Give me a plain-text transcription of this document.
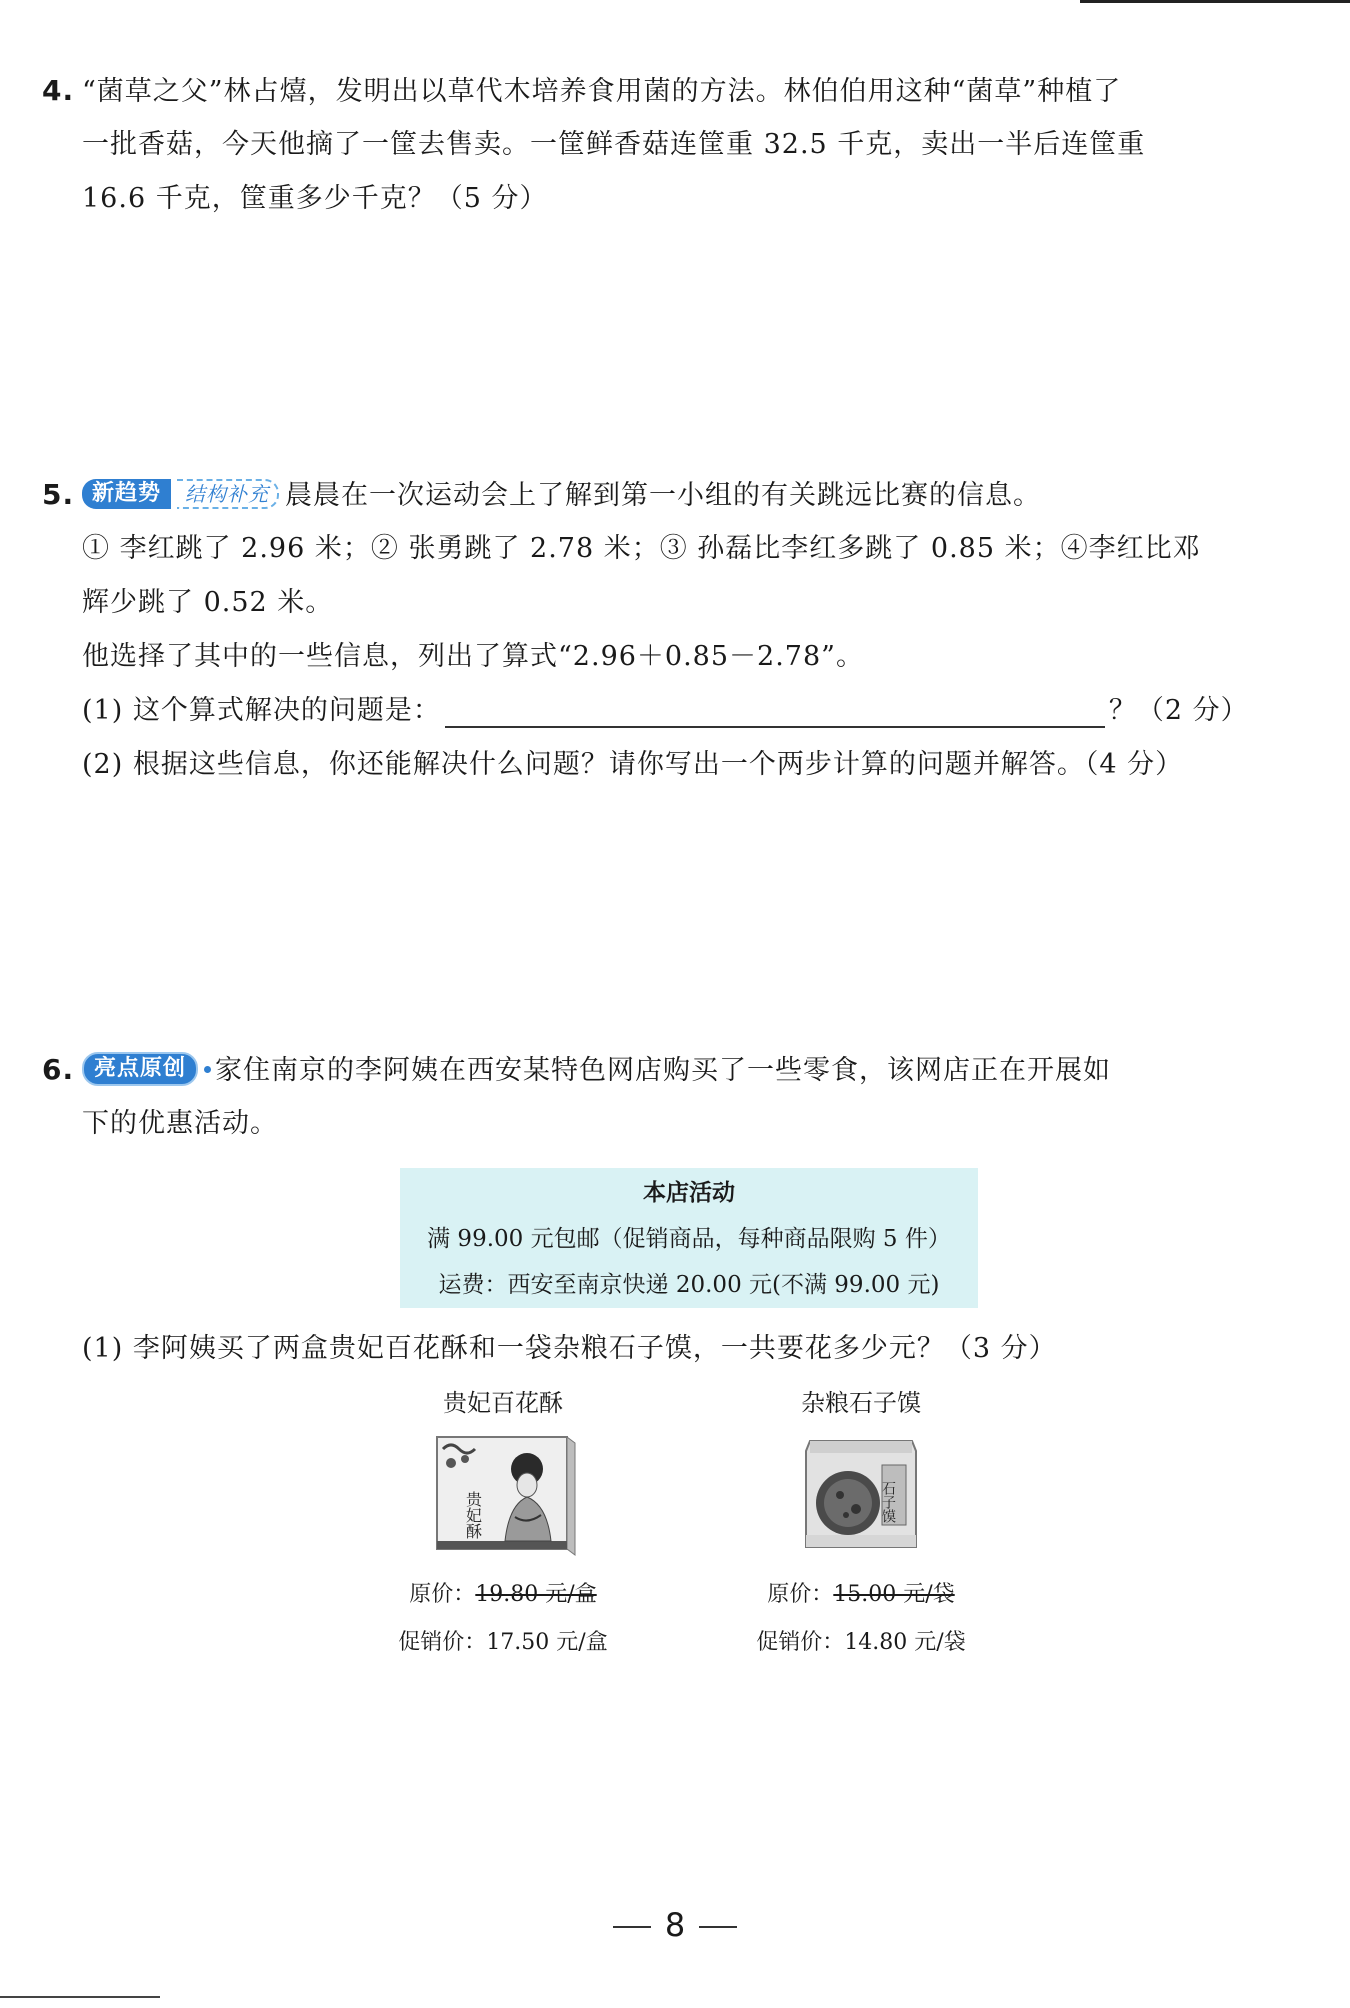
4. “菌草之父”林占熺，发明出以草代木培养食用菌的方法。林伯伯用这种“菌草”种植了
一批香菇，今天他摘了一筐去售卖。一筐鲜香菇连筐重 32.5 千克，卖出一半后连筐重
16.6 千克，筐重多少千克？（5 分）
5. 新趋势 结构补充 晨晨在一次运动会上了解到第一小组的有关跳远比赛的信息。
① 李红跳了 2.96 米；② 张勇跳了 2.78 米；③ 孙磊比李红多跳了 0.85 米；④李红比邓
辉少跳了 0.52 米。
他选择了其中的一些信息，列出了算式“2.96＋0.85－2.78”。
(1) 这个算式解决的问题是：	？（2 分）
(2) 根据这些信息，你还能解决什么问题？请你写出一个两步计算的问题并解答。（4 分）
6. 亮点原创 家住南京的李阿姨在西安某特色网店购买了一些零食，该网店正在开展如
下的优惠活动。
本店活动
满 99.00 元包邮（促销商品，每种商品限购 5 件）
运费：西安至南京快递 20.00 元(不满 99.00 元)
(1) 李阿姨买了两盒贵妃百花酥和一袋杂粮石子馍，一共要花多少元？（3 分）
贵妃百花酥
贵妃酥
原价：19.80 元/盒
促销价：17.50 元/盒
杂粮石子馍
石子馍
原价：15.00 元/袋
促销价：14.80 元/袋
8
